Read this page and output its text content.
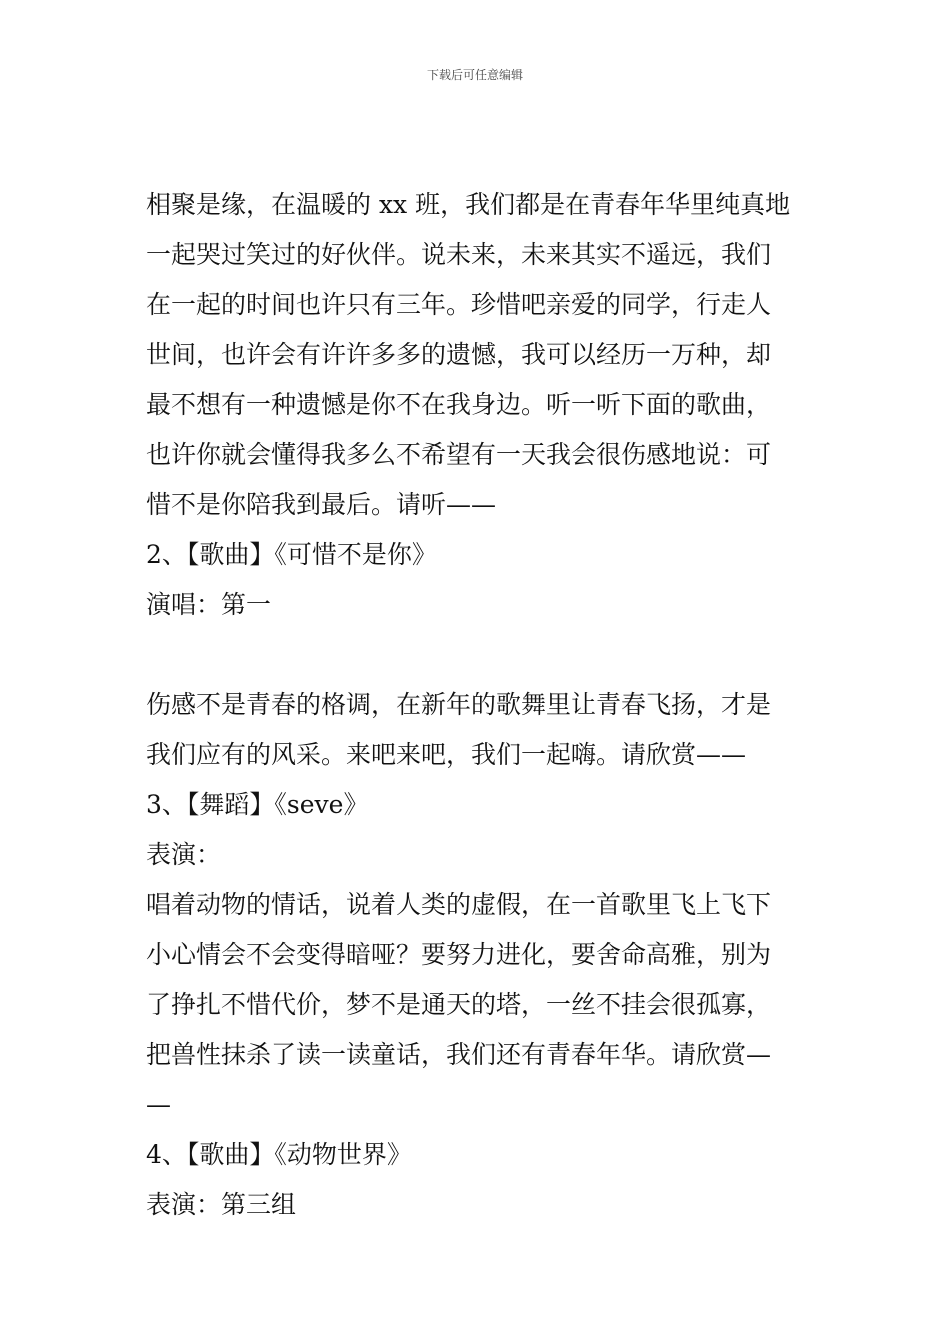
下载后可任意编辑
相聚是缘，在温暖的 xx 班，我们都是在青春年华里纯真地
一起哭过笑过的好伙伴。说未来，未来其实不遥远，我们
在一起的时间也许只有三年。珍惜吧亲爱的同学，行走人
世间，也许会有许许多多的遗憾，我可以经历一万种，却
最不想有一种遗憾是你不在我身边。听一听下面的歌曲，
也许你就会懂得我多么不希望有一天我会很伤感地说：可
惜不是你陪我到最后。请听——
2、【歌曲】《可惜不是你》
演唱：第一
伤感不是青春的格调，在新年的歌舞里让青春飞扬，才是
我们应有的风采。来吧来吧，我们一起嗨。请欣赏——
3、【舞蹈】《seve》
表演：
唱着动物的情话，说着人类的虚假，在一首歌里飞上飞下
小心情会不会变得暗哑？要努力进化，要舍命高雅，别为
了挣扎不惜代价，梦不是通天的塔，一丝不挂会很孤寡，
把兽性抹杀了读一读童话，我们还有青春年华。请欣赏—
—
4、【歌曲】《动物世界》
表演：第三组
